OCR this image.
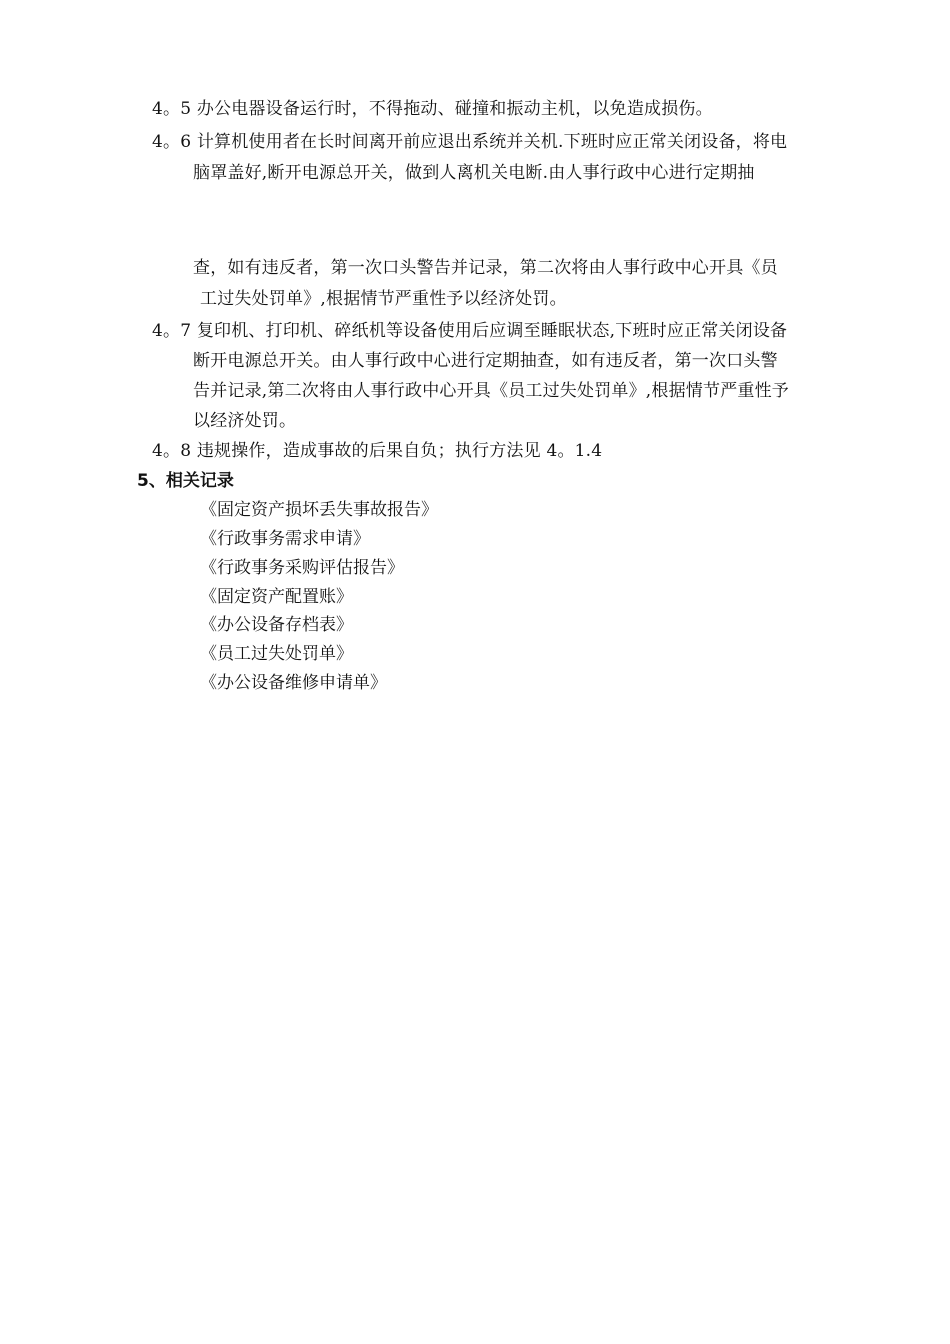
4。5 办公电器设备运行时，不得拖动、碰撞和振动主机，以免造成损伤。
4。6 计算机使用者在长时间离开前应退出系统并关机.下班时应正常关闭设备，将电
脑罩盖好,断开电源总开关，做到人离机关电断.由人事行政中心进行定期抽
查，如有违反者，第一次口头警告并记录，第二次将由人事行政中心开具《员
工过失处罚单》,根据情节严重性予以经济处罚。
4。7 复印机、打印机、碎纸机等设备使用后应调至睡眠状态,下班时应正常关闭设备
断开电源总开关。由人事行政中心进行定期抽查，如有违反者，第一次口头警
告并记录,第二次将由人事行政中心开具《员工过失处罚单》,根据情节严重性予
以经济处罚。
4。8 违规操作，造成事故的后果自负；执行方法见 4。1.4
5、相关记录
《固定资产损坏丢失事故报告》
《行政事务需求申请》
《行政事务采购评估报告》
《固定资产配置账》
《办公设备存档表》
《员工过失处罚单》
《办公设备维修申请单》
